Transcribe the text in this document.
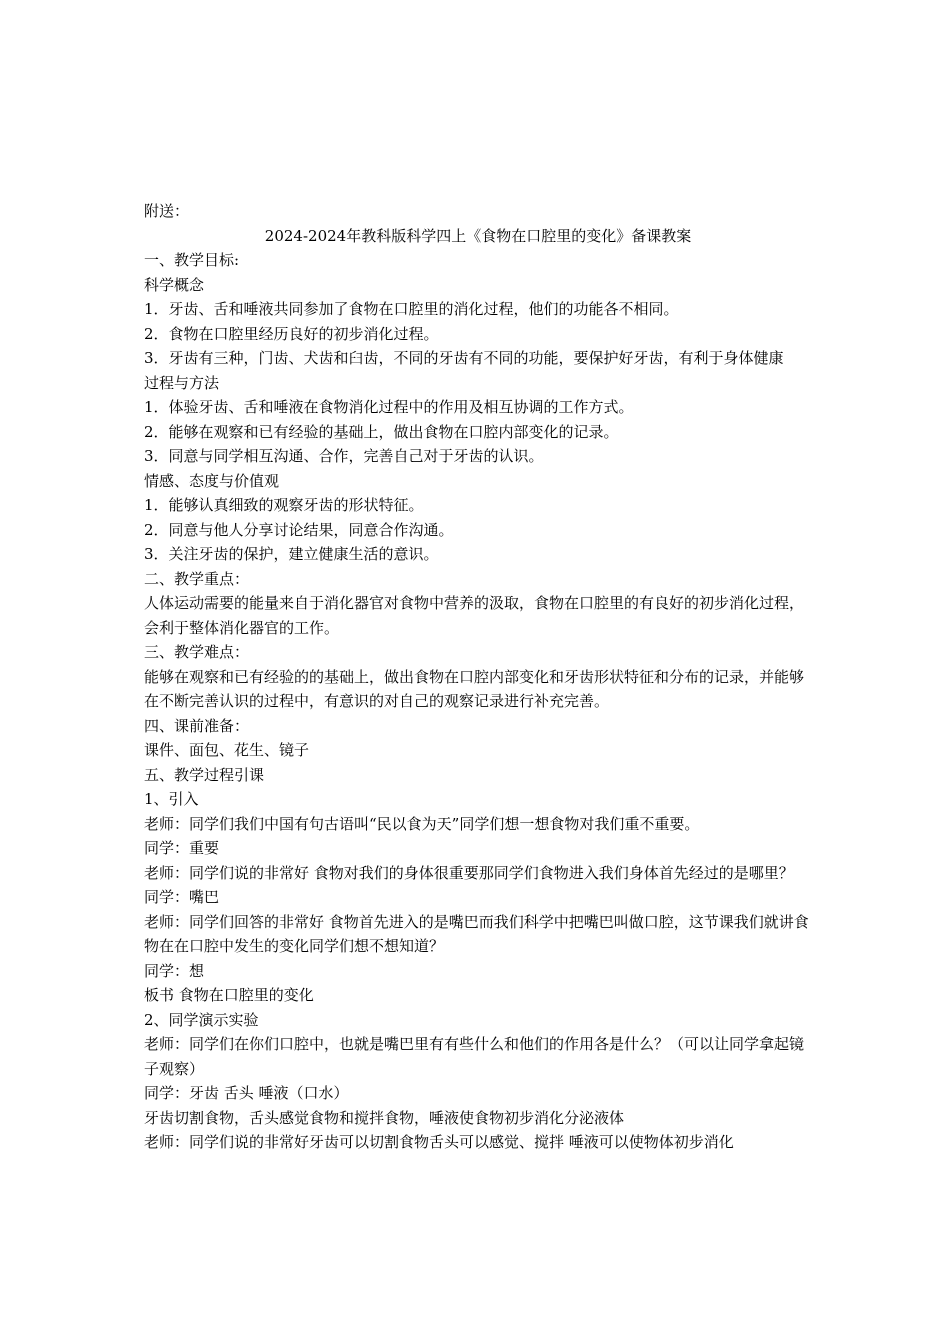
附送：

2024-2024年教科版科学四上《食物在口腔里的变化》备课教案

一、教学目标:

科学概念

1．牙齿、舌和唾液共同参加了食物在口腔里的消化过程，他们的功能各不相同。

2．食物在口腔里经历良好的初步消化过程。

3．牙齿有三种，门齿、犬齿和臼齿，不同的牙齿有不同的功能，要保护好牙齿，有利于身体健康

过程与方法

1．体验牙齿、舌和唾液在食物消化过程中的作用及相互协调的工作方式。

2．能够在观察和已有经验的基础上，做出食物在口腔内部变化的记录。

3．同意与同学相互沟通、合作，完善自己对于牙齿的认识。

情感、态度与价值观

1．能够认真细致的观察牙齿的形状特征。

2．同意与他人分享讨论结果，同意合作沟通。

3．关注牙齿的保护，建立健康生活的意识。

二、教学重点：

人体运动需要的能量来自于消化器官对食物中营养的汲取，食物在口腔里的有良好的初步消化过程，会利于整体消化器官的工作。

三、教学难点：

能够在观察和已有经验的的基础上，做出食物在口腔内部变化和牙齿形状特征和分布的记录，并能够在不断完善认识的过程中，有意识的对自己的观察记录进行补充完善。

四、课前准备：

课件、面包、花生、镜子

五、教学过程引课

1、引入

老师：同学们我们中国有句古语叫“民以食为天”同学们想一想食物对我们重不重要。

同学：重要

老师：同学们说的非常好 食物对我们的身体很重要那同学们食物进入我们身体首先经过的是哪里？

同学：嘴巴

老师：同学们回答的非常好 食物首先进入的是嘴巴而我们科学中把嘴巴叫做口腔，这节课我们就讲食物在在口腔中发生的变化同学们想不想知道？

同学：想

板书 食物在口腔里的变化

2、同学演示实验

老师：同学们在你们口腔中，也就是嘴巴里有有些什么和他们的作用各是什么？（可以让同学拿起镜子观察）

同学：牙齿 舌头 唾液（口水）

牙齿切割食物，舌头感觉食物和搅拌食物，唾液使食物初步消化分泌液体

老师：同学们说的非常好牙齿可以切割食物舌头可以感觉、搅拌 唾液可以使物体初步消化
